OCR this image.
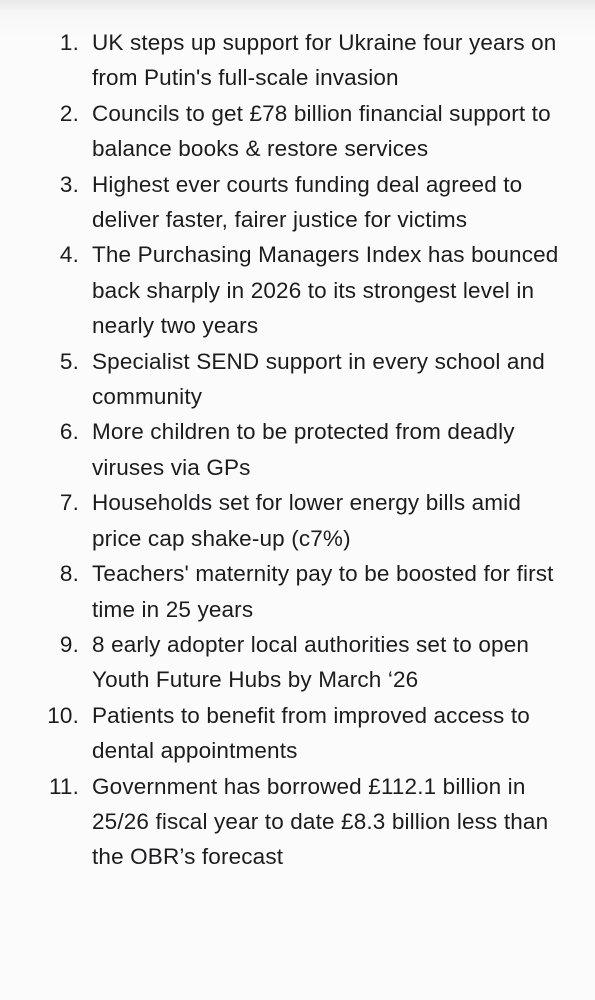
1. UK steps up support for Ukraine four years on from Putin's full-scale invasion
2. Councils to get £78 billion financial support to balance books & restore services
3. Highest ever courts funding deal agreed to deliver faster, fairer justice for victims
4. The Purchasing Managers Index has bounced back sharply in 2026 to its strongest level in nearly two years
5. Specialist SEND support in every school and community
6. More children to be protected from deadly viruses via GPs
7. Households set for lower energy bills amid price cap shake-up (c7%)
8. Teachers' maternity pay to be boosted for first time in 25 years
9. 8 early adopter local authorities set to open Youth Future Hubs by March ‘26
10. Patients to benefit from improved access to dental appointments
11. Government has borrowed £112.1 billion in 25/26 fiscal year to date £8.3 billion less than the OBR’s forecast
